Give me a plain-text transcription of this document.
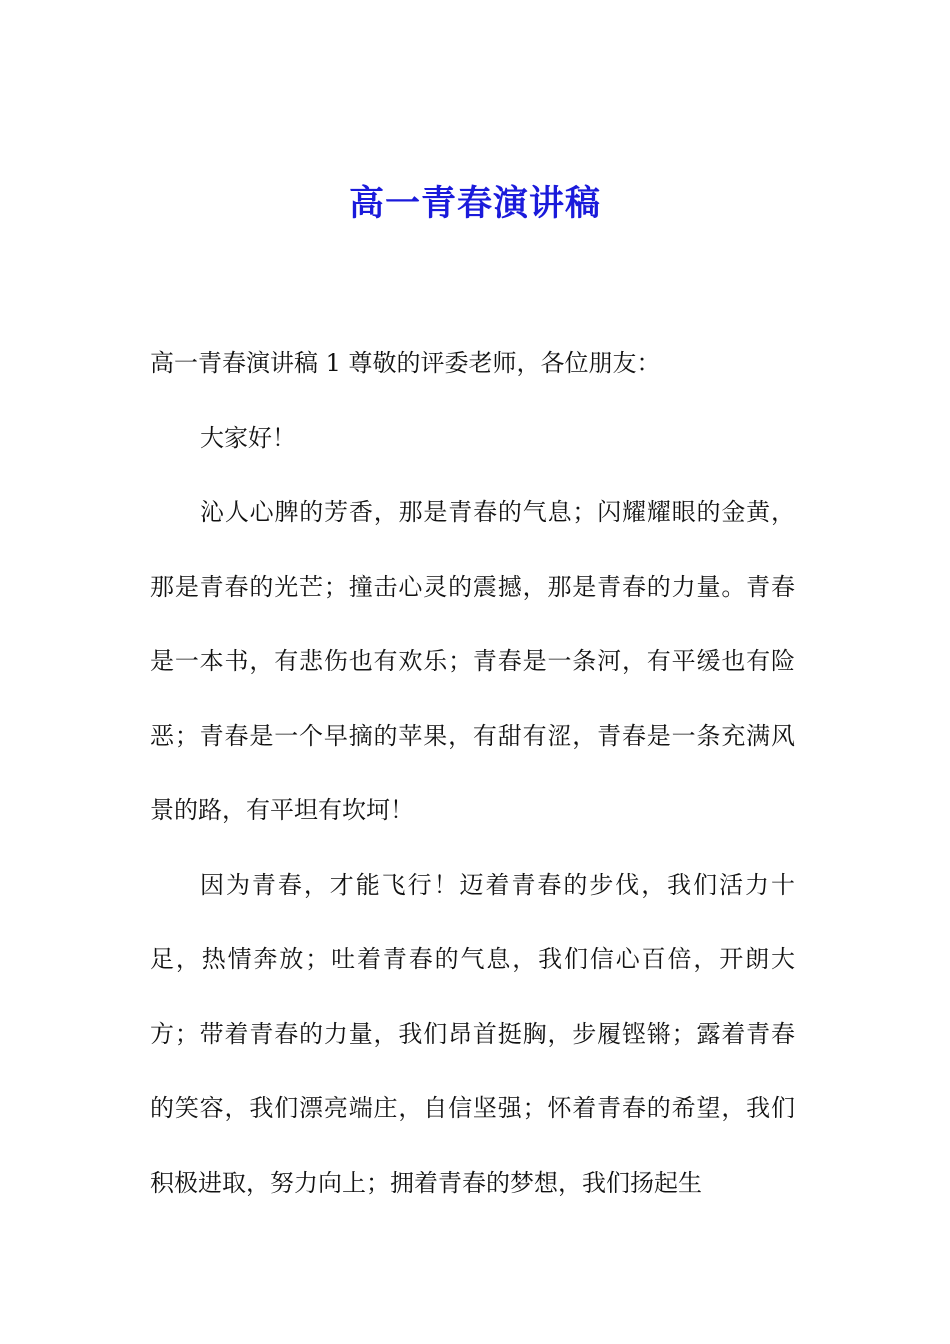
高一青春演讲稿

高一青春演讲稿 1 尊敬的评委老师，各位朋友：

大家好！

沁人心脾的芳香，那是青春的气息；闪耀耀眼的金黄，那是青春的光芒；撞击心灵的震撼，那是青春的力量。青春是一本书，有悲伤也有欢乐；青春是一条河，有平缓也有险恶；青春是一个早摘的苹果，有甜有涩，青春是一条充满风景的路，有平坦有坎坷！

因为青春，才能飞行！迈着青春的步伐，我们活力十足，热情奔放；吐着青春的气息，我们信心百倍，开朗大方；带着青春的力量，我们昂首挺胸，步履铿锵；露着青春的笑容，我们漂亮端庄，自信坚强；怀着青春的希望，我们积极进取，努力向上；拥着青春的梦想，我们扬起生
